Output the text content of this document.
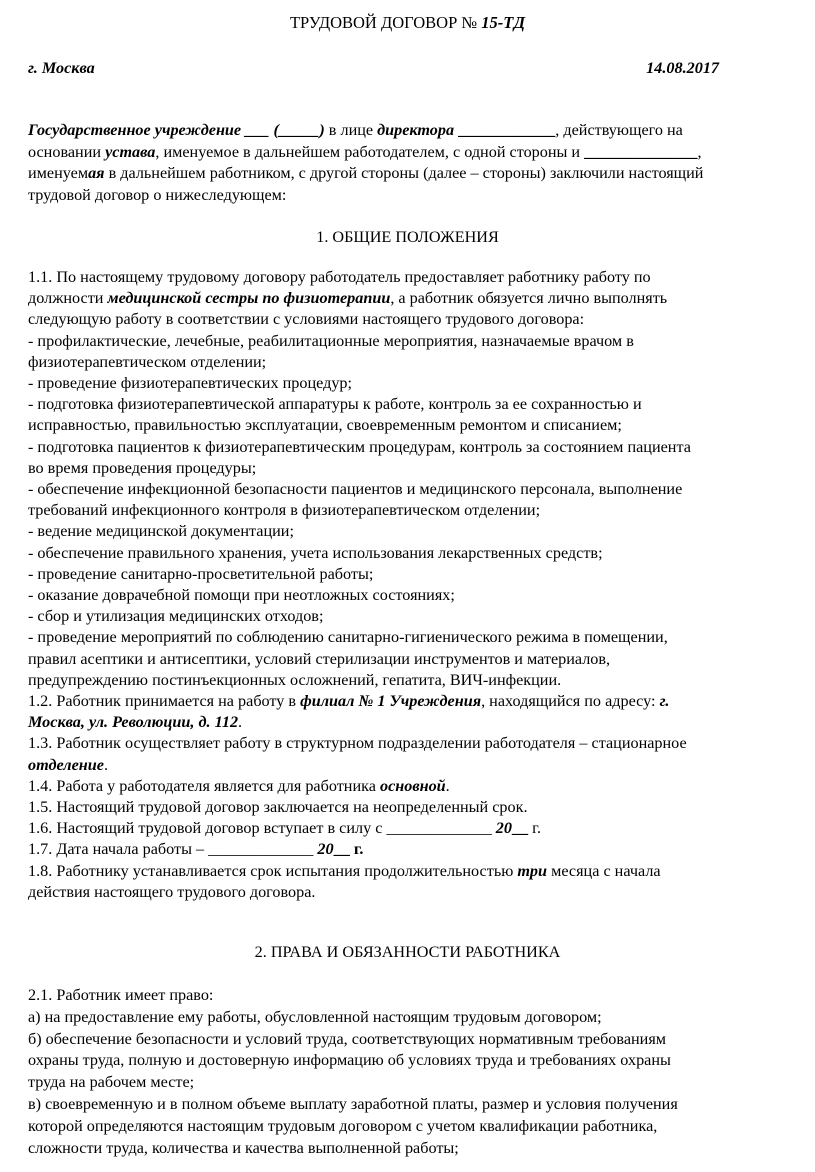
ТРУДОВОЙ ДОГОВОР № 15-ТД
г. Москва	14.08.2017
Государственное учреждение ___ (_____) в лице директора ____________, действующего на
основании устава, именуемое в дальнейшем работодателем, с одной стороны и ______________,
именуемая в дальнейшем работником, с другой стороны (далее – стороны) заключили настоящий
трудовой договор о нижеследующем:
1. ОБЩИЕ ПОЛОЖЕНИЯ
1.1. По настоящему трудовому договору работодатель предоставляет работнику работу по
должности медицинской сестры по физиотерапии, а работник обязуется лично выполнять
следующую работу в соответствии с условиями настоящего трудового договора:
- профилактические, лечебные, реабилитационные мероприятия, назначаемые врачом в
физиотерапевтическом отделении;
- проведение физиотерапевтических процедур;
- подготовка физиотерапевтической аппаратуры к работе, контроль за ее сохранностью и
исправностью, правильностью эксплуатации, своевременным ремонтом и списанием;
- подготовка пациентов к физиотерапевтическим процедурам, контроль за состоянием пациента
во время проведения процедуры;
- обеспечение инфекционной безопасности пациентов и медицинского персонала, выполнение
требований инфекционного контроля в физиотерапевтическом отделении;
- ведение медицинской документации;
- обеспечение правильного хранения, учета использования лекарственных средств;
- проведение санитарно-просветительной работы;
- оказание доврачебной помощи при неотложных состояниях;
- сбор и утилизация медицинских отходов;
- проведение мероприятий по соблюдению санитарно-гигиенического режима в помещении,
правил асептики и антисептики, условий стерилизации инструментов и материалов,
предупреждению постинъекционных осложнений, гепатита, ВИЧ-инфекции.
1.2. Работник принимается на работу в филиал № 1 Учреждения, находящийся по адресу: г.
Москва, ул. Революции, д. 112.
1.3. Работник осуществляет работу в структурном подразделении работодателя – стационарное
отделение.
1.4. Работа у работодателя является для работника основной.
1.5. Настоящий трудовой договор заключается на неопределенный срок.
1.6. Настоящий трудовой договор вступает в силу с _____________ 20__ г.
1.7. Дата начала работы – _____________ 20__ г.
1.8. Работнику устанавливается срок испытания продолжительностью три месяца с начала
действия настоящего трудового договора.
2. ПРАВА И ОБЯЗАННОСТИ РАБОТНИКА
2.1. Работник имеет право:
а) на предоставление ему работы, обусловленной настоящим трудовым договором;
б) обеспечение безопасности и условий труда, соответствующих нормативным требованиям
охраны труда, полную и достоверную информацию об условиях труда и требованиях охраны
труда на рабочем месте;
в) своевременную и в полном объеме выплату заработной платы, размер и условия получения
которой определяются настоящим трудовым договором с учетом квалификации работника,
сложности труда, количества и качества выполненной работы;
